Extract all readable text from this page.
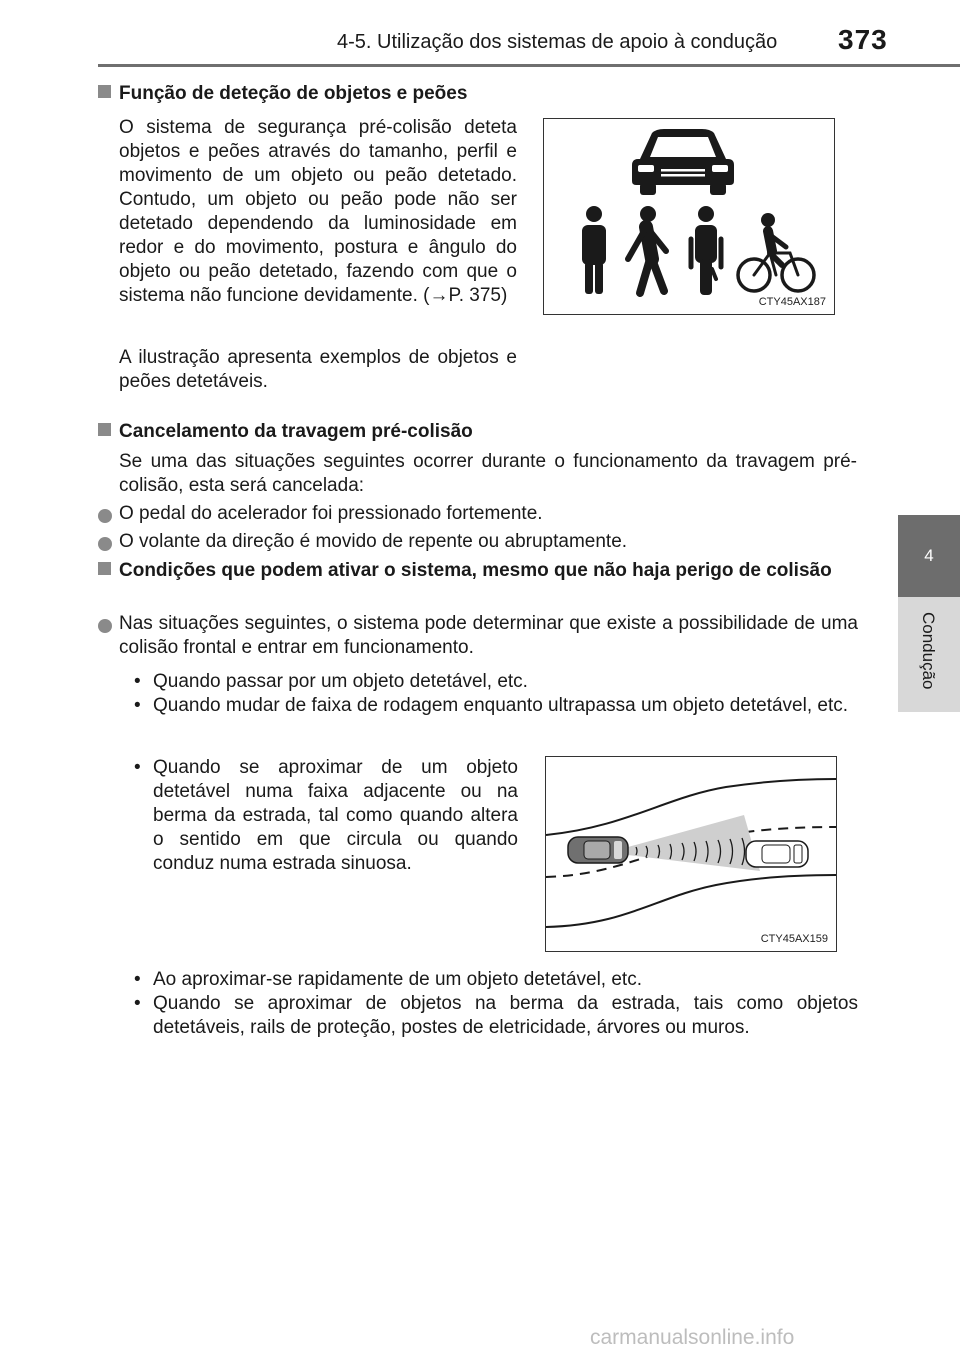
4-5. Utilização dos sistemas de apoio à condução 373
4
Condução
Função de deteção de objetos e peões
O sistema de segurança pré-colisão deteta objetos e peões através do tamanho, perfil e movimento de um objeto ou peão detetado. Contudo, um objeto ou peão pode não ser detetado dependendo da luminosidade em redor e do movimento, postura e ângulo do objeto ou peão detetado, fazendo com que o sistema não funcione devidamente. (→P. 375)
A ilustração apresenta exemplos de objetos e peões detetáveis.
CTY45AX187
Cancelamento da travagem pré-colisão
Se uma das situações seguintes ocorrer durante o funcionamento da travagem pré-colisão, esta será cancelada:
O pedal do acelerador foi pressionado fortemente.
O volante da direção é movido de repente ou abruptamente.
Condições que podem ativar o sistema, mesmo que não haja perigo de colisão
Nas situações seguintes, o sistema pode determinar que existe a possibilidade de uma colisão frontal e entrar em funcionamento.
• Quando passar por um objeto detetável, etc.
• Quando mudar de faixa de rodagem enquanto ultrapassa um objeto detetável, etc.
• Quando se aproximar de um objeto detetável numa faixa adjacente ou na berma da estrada, tal como quando altera o sentido em que circula ou quando conduz numa estrada sinuosa.
CTY45AX159
• Ao aproximar-se rapidamente de um objeto detetável, etc.
• Quando se aproximar de objetos na berma da estrada, tais como objetos detetáveis, rails de proteção, postes de eletricidade, árvores ou muros.
carmanualsonline.info
